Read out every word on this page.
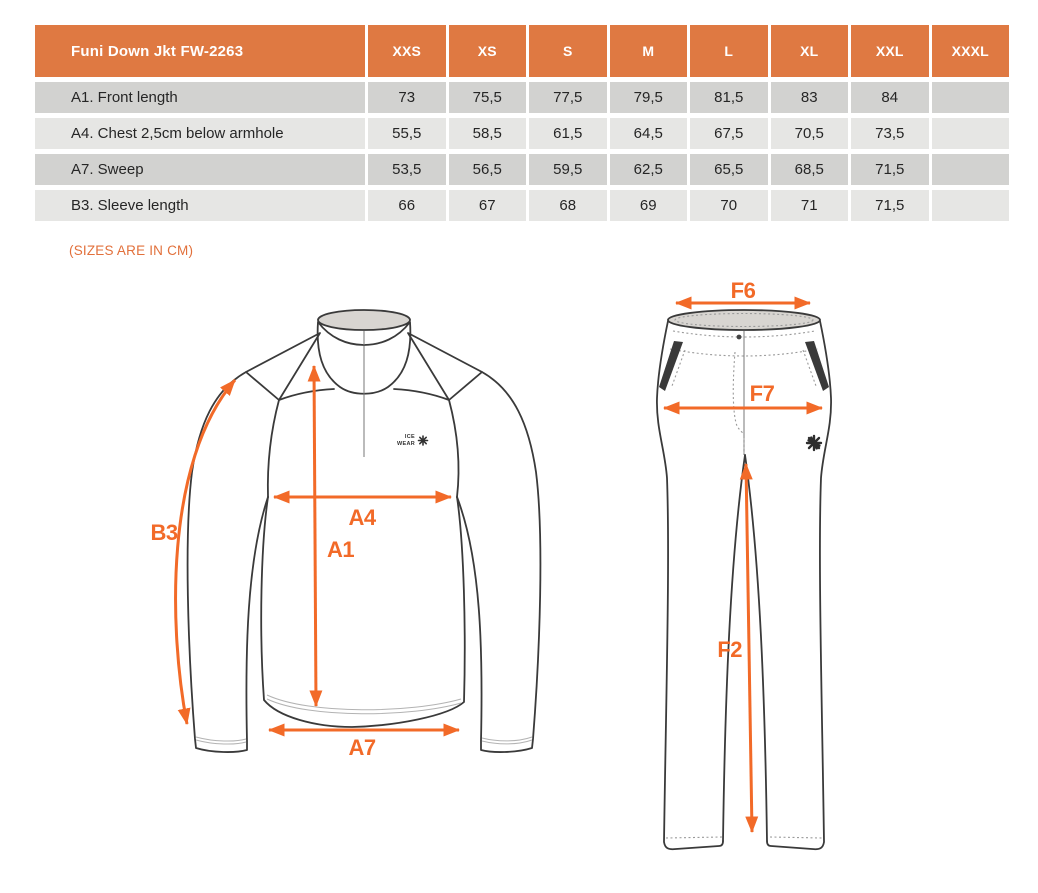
Funi Down Jkt FW-2263	XXS	XS	S	M	L	XL	XXL	XXXL
A1. Front length	73	75,5	77,5	79,5	81,5	83	84	
A4. Chest 2,5cm below armhole	55,5	58,5	61,5	64,5	67,5	70,5	73,5	
A7. Sweep	53,5	56,5	59,5	62,5	65,5	68,5	71,5	
B3. Sleeve length	66	67	68	69	70	71	71,5	
(SIZES ARE IN CM)
ICE
WEAR
B3
A4
A1
A7
F6
F7
F2
